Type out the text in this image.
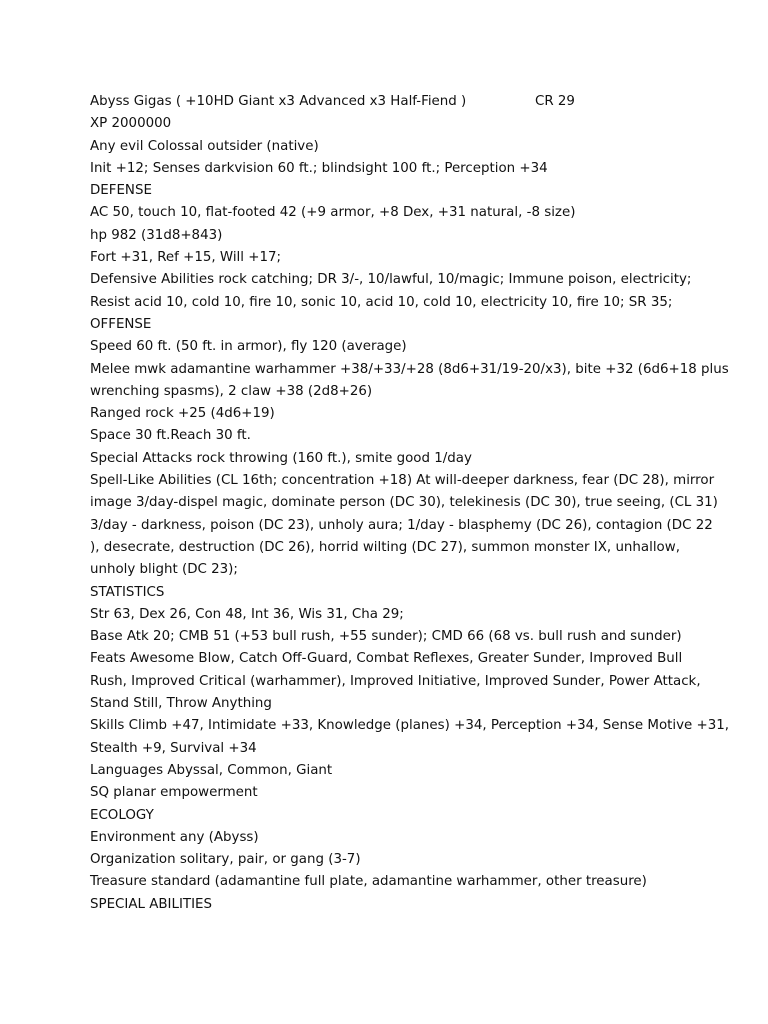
Abyss Gigas ( +10HD Giant x3 Advanced x3 Half-Fiend )	CR 29
XP 2000000
Any evil Colossal outsider (native)
Init +12; Senses darkvision 60 ft.; blindsight 100 ft.; Perception +34
DEFENSE
AC 50, touch 10, flat-footed 42 (+9 armor, +8 Dex, +31 natural, -8 size)
hp 982 (31d8+843)
Fort +31, Ref +15, Will +17;
Defensive Abilities rock catching; DR 3/-, 10/lawful, 10/magic; Immune poison, electricity;
Resist acid 10, cold 10, fire 10, sonic 10, acid 10, cold 10, electricity 10, fire 10; SR 35;
OFFENSE
Speed 60 ft. (50 ft. in armor), fly 120 (average)
Melee mwk adamantine warhammer +38/+33/+28 (8d6+31/19-20/x3), bite +32 (6d6+18 plus
wrenching spasms), 2 claw +38 (2d8+26)
Ranged rock +25 (4d6+19)
Space 30 ft.Reach 30 ft.
Special Attacks rock throwing (160 ft.), smite good 1/day
Spell-Like Abilities (CL 16th; concentration +18) At will-deeper darkness, fear (DC 28), mirror
image 3/day-dispel magic, dominate person (DC 30), telekinesis (DC 30), true seeing, (CL 31)
3/day - darkness, poison (DC 23), unholy aura; 1/day - blasphemy (DC 26), contagion (DC 22
), desecrate, destruction (DC 26), horrid wilting (DC 27), summon monster IX, unhallow,
unholy blight (DC 23);
STATISTICS
Str 63, Dex 26, Con 48, Int 36, Wis 31, Cha 29;
Base Atk 20; CMB 51 (+53 bull rush, +55 sunder); CMD 66 (68 vs. bull rush and sunder)
Feats Awesome Blow, Catch Off-Guard, Combat Reflexes, Greater Sunder, Improved Bull
Rush, Improved Critical (warhammer), Improved Initiative, Improved Sunder, Power Attack,
Stand Still, Throw Anything
Skills Climb +47, Intimidate +33, Knowledge (planes) +34, Perception +34, Sense Motive +31,
Stealth +9, Survival +34
Languages Abyssal, Common, Giant
SQ planar empowerment
ECOLOGY
Environment any (Abyss)
Organization solitary, pair, or gang (3-7)
Treasure standard (adamantine full plate, adamantine warhammer, other treasure)
SPECIAL ABILITIES
